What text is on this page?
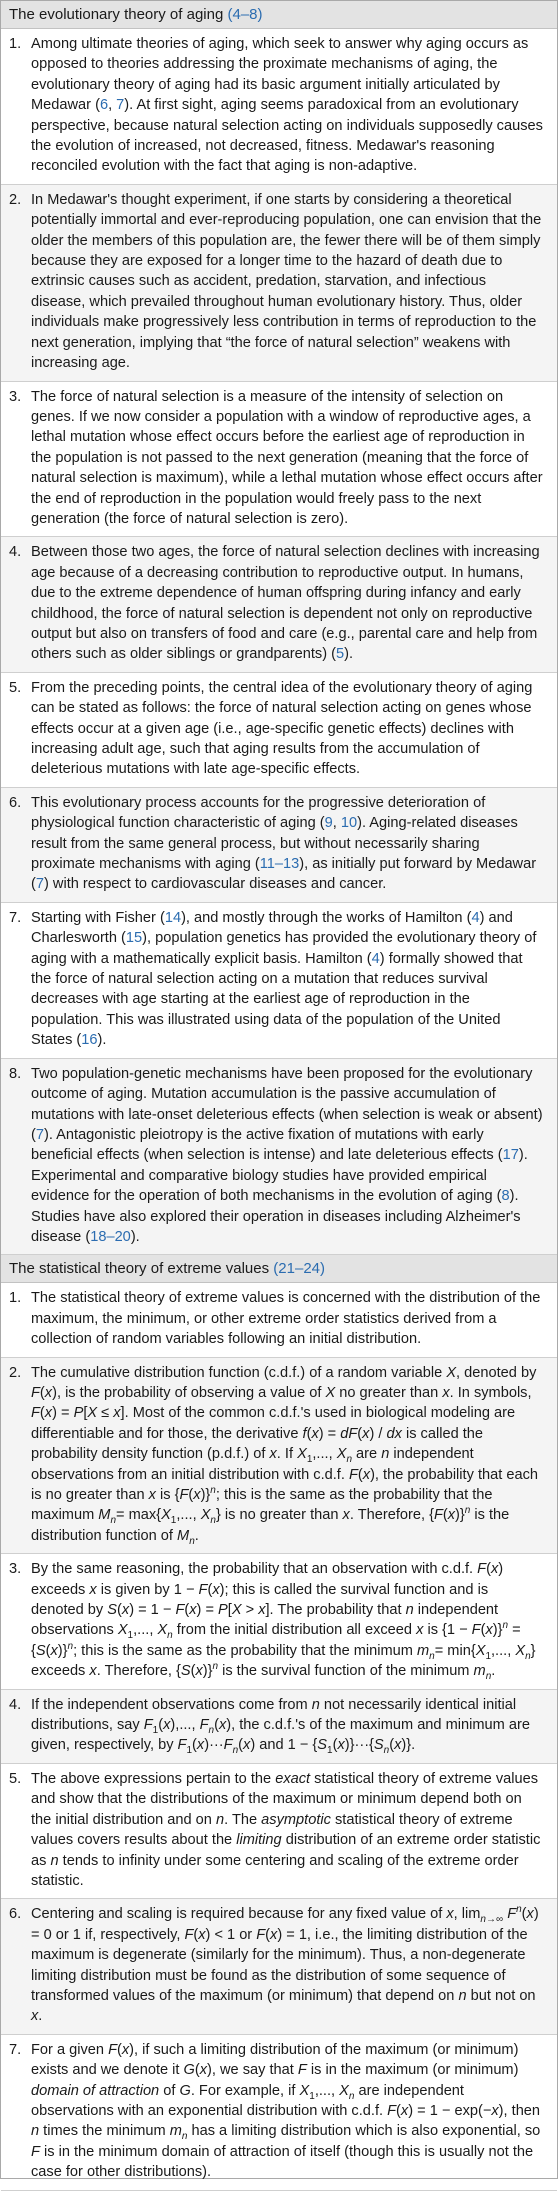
The evolutionary theory of aging (4–8)
1. Among ultimate theories of aging, which seek to answer why aging occurs as opposed to theories addressing the proximate mechanisms of aging, the evolutionary theory of aging had its basic argument initially articulated by Medawar (6, 7). At first sight, aging seems paradoxical from an evolutionary perspective, because natural selection acting on individuals supposedly causes the evolution of increased, not decreased, fitness. Medawar's reasoning reconciled evolution with the fact that aging is non-adaptive.
2. In Medawar's thought experiment, if one starts by considering a theoretical potentially immortal and ever-reproducing population, one can envision that the older the members of this population are, the fewer there will be of them simply because they are exposed for a longer time to the hazard of death due to extrinsic causes such as accident, predation, starvation, and infectious disease, which prevailed throughout human evolutionary history. Thus, older individuals make progressively less contribution in terms of reproduction to the next generation, implying that “the force of natural selection” weakens with increasing age.
3. The force of natural selection is a measure of the intensity of selection on genes. If we now consider a population with a window of reproductive ages, a lethal mutation whose effect occurs before the earliest age of reproduction in the population is not passed to the next generation (meaning that the force of natural selection is maximum), while a lethal mutation whose effect occurs after the end of reproduction in the population would freely pass to the next generation (the force of natural selection is zero).
4. Between those two ages, the force of natural selection declines with increasing age because of a decreasing contribution to reproductive output. In humans, due to the extreme dependence of human offspring during infancy and early childhood, the force of natural selection is dependent not only on reproductive output but also on transfers of food and care (e.g., parental care and help from others such as older siblings or grandparents) (5).
5. From the preceding points, the central idea of the evolutionary theory of aging can be stated as follows: the force of natural selection acting on genes whose effects occur at a given age (i.e., age-specific genetic effects) declines with increasing adult age, such that aging results from the accumulation of deleterious mutations with late age-specific effects.
6. This evolutionary process accounts for the progressive deterioration of physiological function characteristic of aging (9, 10). Aging-related diseases result from the same general process, but without necessarily sharing proximate mechanisms with aging (11–13), as initially put forward by Medawar (7) with respect to cardiovascular diseases and cancer.
7. Starting with Fisher (14), and mostly through the works of Hamilton (4) and Charlesworth (15), population genetics has provided the evolutionary theory of aging with a mathematically explicit basis. Hamilton (4) formally showed that the force of natural selection acting on a mutation that reduces survival decreases with age starting at the earliest age of reproduction in the population. This was illustrated using data of the population of the United States (16).
8. Two population-genetic mechanisms have been proposed for the evolutionary outcome of aging. Mutation accumulation is the passive accumulation of mutations with late-onset deleterious effects (when selection is weak or absent) (7). Antagonistic pleiotropy is the active fixation of mutations with early beneficial effects (when selection is intense) and late deleterious effects (17). Experimental and comparative biology studies have provided empirical evidence for the operation of both mechanisms in the evolution of aging (8). Studies have also explored their operation in diseases including Alzheimer's disease (18–20).
The statistical theory of extreme values (21–24)
1. The statistical theory of extreme values is concerned with the distribution of the maximum, the minimum, or other extreme order statistics derived from a collection of random variables following an initial distribution.
2. The cumulative distribution function (c.d.f.) of a random variable X, denoted by F(x), is the probability of observing a value of X no greater than x. In symbols, F(x) = P[X ≤ x]. Most of the common c.d.f.'s used in biological modeling are differentiable and for those, the derivative f(x) = dF(x) / dx is called the probability density function (p.d.f.) of x. If $X_1$,..., $X_n$ are n independent observations from an initial distribution with c.d.f. F(x), the probability that each is no greater than x is $\{F(x)\}^n$; this is the same as the probability that the maximum $M_n= \max\{X_1$,..., $X_n$} is no greater than x. Therefore, $\{F(x)\}^n$ is the distribution function of $M_n$.
3. By the same reasoning, the probability that an observation with c.d.f. F(x) exceeds x is given by 1 − F(x); this is called the survival function and is denoted by S(x) = 1 − F(x) = P[X > x]. The probability that n independent observations $X_1$,..., $X_n$ from the initial distribution all exceed x is $\{1 - F(x)\}^n = \{S(x)\}^n$; this is the same as the probability that the minimum $m_n= \min\{X_1$,..., $X_n$} exceeds x. Therefore, $\{S(x)\}^n$ is the survival function of the minimum $m_n$.
4. If the independent observations come from n not necessarily identical initial distributions, say $F_1(x)$,..., $F_n(x)$, the c.d.f.'s of the maximum and minimum are given, respectively, by $F_1(x)\cdot\cdot\cdot F_n(x)$ and $1 - \{S_1(x)\}\cdot\cdot\cdot\{S_n(x)\}$.
5. The above expressions pertain to the exact statistical theory of extreme values and show that the distributions of the maximum or minimum depend both on the initial distribution and on n. The asymptotic statistical theory of extreme values covers results about the limiting distribution of an extreme order statistic as n tends to infinity under some centering and scaling of the extreme order statistic.
6. Centering and scaling is required because for any fixed value of x, $\lim_{n\to\infty} F^n(x) = 0$ or 1 if, respectively, F(x) < 1 or F(x) = 1, i.e., the limiting distribution of the maximum is degenerate (similarly for the minimum). Thus, a non-degenerate limiting distribution must be found as the distribution of some sequence of transformed values of the maximum (or minimum) that depend on n but not on x.
7. For a given F(x), if such a limiting distribution of the maximum (or minimum) exists and we denote it G(x), we say that F is in the maximum (or minimum) domain of attraction of G. For example, if $X_1$,..., $X_n$ are independent observations with an exponential distribution with c.d.f. F(x) = 1 − exp(−x), then n times the minimum $m_n$ has a limiting distribution which is also exponential, so F is in the minimum domain of attraction of itself (though this is usually not the case for other distributions).
